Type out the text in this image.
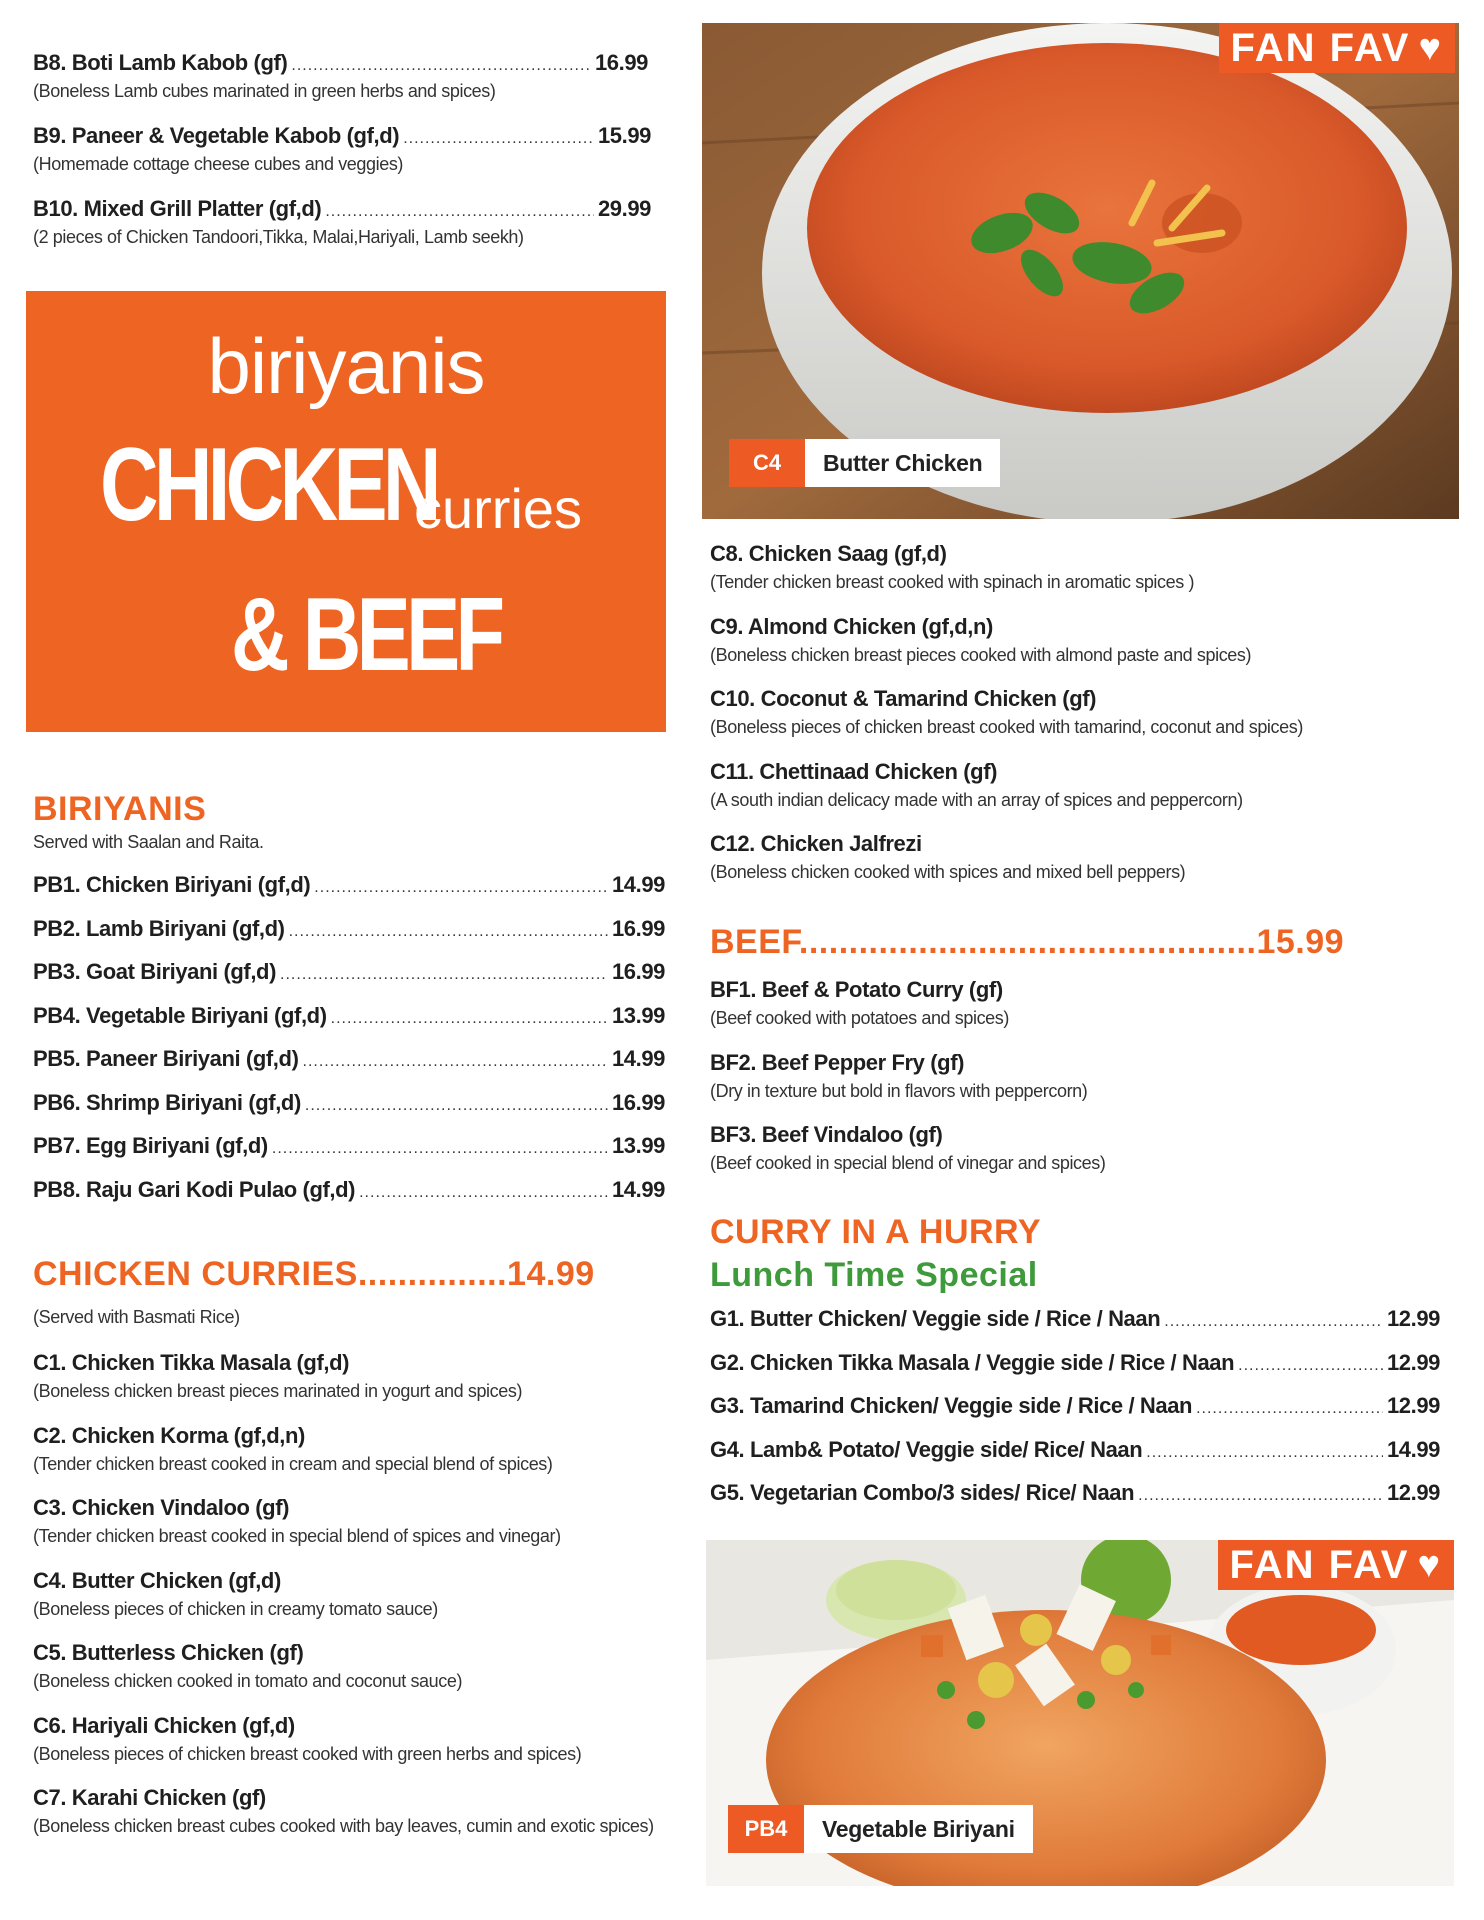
B8. Boti Lamb Kabob (gf) .....	16.99
(Boneless Lamb cubes marinated in green herbs and spices)
B9. Paneer & Vegetable Kabob (gf,d) .....	15.99
(Homemade cottage cheese cubes and veggies)
B10. Mixed Grill Platter (gf,d) .....	29.99
(2 pieces of Chicken Tandoori,Tikka, Malai,Hariyali, Lamb seekh)
biriyanis
CHICKEN
curries
& BEEF
BIRIYANIS
Served with Saalan and Raita.
PB1. Chicken Biriyani (gf,d) .....	14.99
PB2. Lamb Biriyani (gf,d) .....	16.99
PB3. Goat Biriyani (gf,d) .....	16.99
PB4. Vegetable Biriyani (gf,d) .....	13.99
PB5. Paneer Biriyani (gf,d) .....	14.99
PB6. Shrimp Biriyani (gf,d) .....	16.99
PB7. Egg Biriyani (gf,d) .....	13.99
PB8. Raju Gari Kodi Pulao (gf,d) .....	14.99
CHICKEN CURRIES...............14.99
(Served with Basmati Rice)
C1. Chicken Tikka Masala (gf,d)
(Boneless chicken breast pieces marinated in yogurt and spices)
C2. Chicken Korma (gf,d,n)
(Tender chicken breast cooked in cream and special blend of spices)
C3. Chicken Vindaloo (gf)
(Tender chicken breast cooked in special blend of spices and vinegar)
C4. Butter Chicken (gf,d)
(Boneless pieces of chicken in creamy tomato sauce)
C5. Butterless Chicken (gf)
(Boneless chicken cooked in tomato and coconut sauce)
C6. Hariyali Chicken (gf,d)
(Boneless pieces of chicken breast cooked with green herbs and spices)
C7. Karahi Chicken (gf)
(Boneless chicken breast cubes cooked with bay leaves, cumin and exotic spices)
FAN FAV ♥
C4	Butter Chicken
C8. Chicken Saag (gf,d)
(Tender chicken breast cooked with spinach in aromatic spices )
C9. Almond Chicken (gf,d,n)
(Boneless chicken breast pieces cooked with almond paste and spices)
C10. Coconut & Tamarind Chicken (gf)
(Boneless pieces of chicken breast cooked with tamarind, coconut and spices)
C11. Chettinaad Chicken (gf)
(A south indian delicacy made with an array of spices and peppercorn)
C12. Chicken Jalfrezi
(Boneless chicken cooked with spices and mixed bell peppers)
BEEF..............................................15.99
BF1. Beef & Potato Curry (gf)
(Beef cooked with potatoes and spices)
BF2. Beef Pepper Fry (gf)
(Dry in texture but bold in flavors with peppercorn)
BF3. Beef Vindaloo (gf)
(Beef cooked in special blend of vinegar and spices)
CURRY IN A HURRY
Lunch Time Special
G1. Butter Chicken/ Veggie side / Rice / Naan .....	12.99
G2. Chicken Tikka Masala / Veggie side / Rice / Naan .....	12.99
G3. Tamarind Chicken/ Veggie side / Rice / Naan .....	12.99
G4. Lamb& Potato/ Veggie side/ Rice/ Naan .....	14.99
G5. Vegetarian Combo/3 sides/ Rice/ Naan .....	12.99
FAN FAV ♥
PB4	Vegetable Biriyani
